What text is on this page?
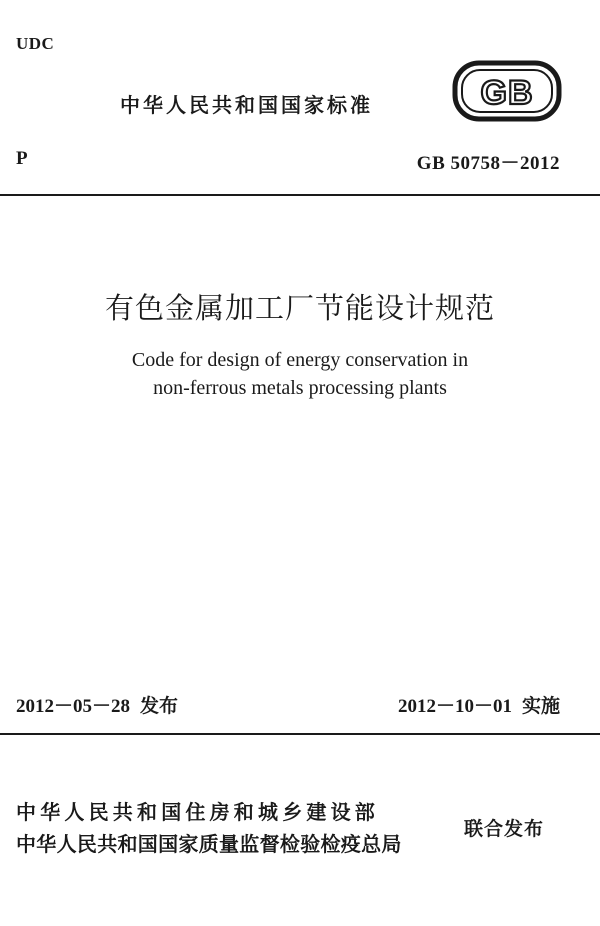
UDC
中华人民共和国国家标准	GB
P	GB 50758－2012
有色金属加工厂节能设计规范
Code for design of energy conservation in
non-ferrous metals processing plants
2012－05－28 发布	2012－10－01 实施
中华人民共和国住房和城乡建设部
中华人民共和国国家质量监督检验检疫总局
联合发布
